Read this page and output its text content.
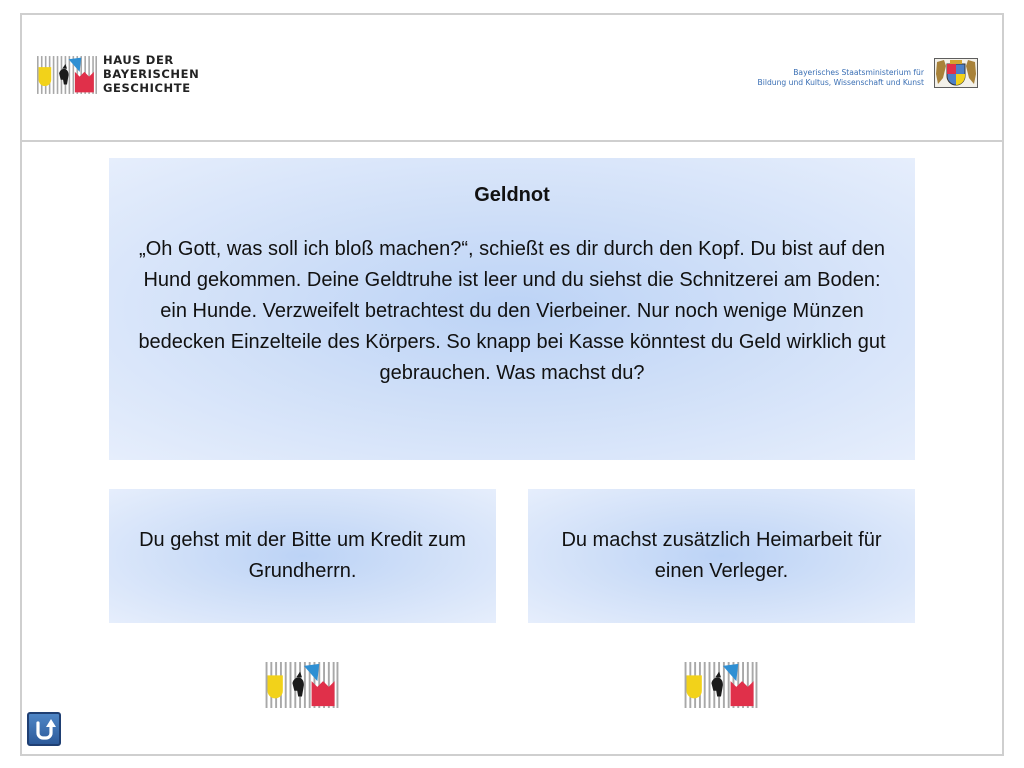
HAUS DER
BAYERISCHEN
GESCHICHTE
Bayerisches Staatsministerium für
Bildung und Kultus, Wissenschaft und Kunst
Geldnot
„Oh Gott, was soll ich bloß machen?“, schießt es dir durch den Kopf. Du bist auf den Hund gekommen. Deine Geldtruhe ist leer und du siehst die Schnitzerei am Boden: ein Hunde. Verzweifelt betrachtest du den Vierbeiner. Nur noch wenige Münzen bedecken Einzelteile des Körpers. So knapp bei Kasse könntest du Geld wirklich gut gebrauchen. Was machst du?
Du gehst mit der Bitte um Kredit zum Grundherrn.
Du machst zusätzlich Heimarbeit für einen Verleger.
